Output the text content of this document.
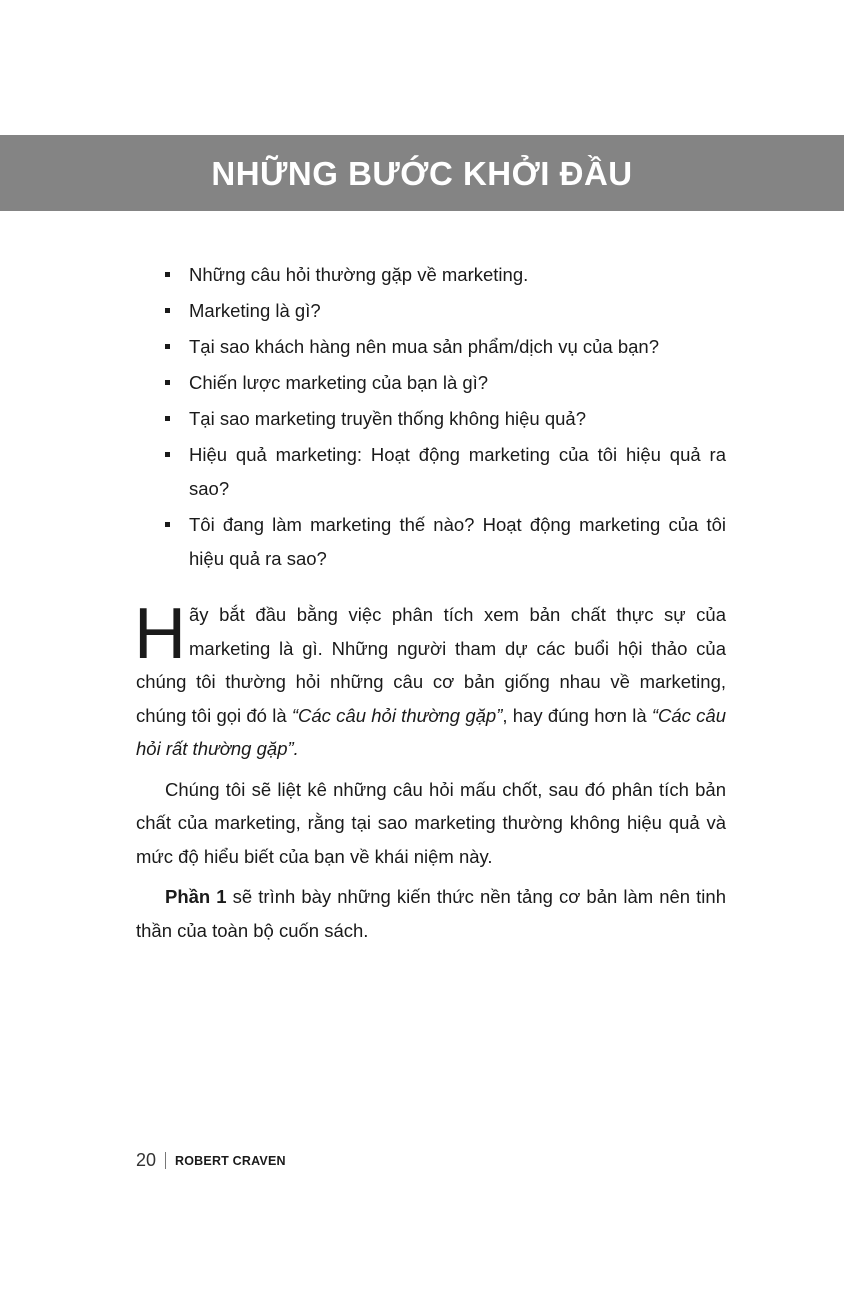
NHỮNG BƯỚC KHỞI ĐẦU
Những câu hỏi thường gặp về marketing.
Marketing là gì?
Tại sao khách hàng nên mua sản phẩm/dịch vụ của bạn?
Chiến lược marketing của bạn là gì?
Tại sao marketing truyền thống không hiệu quả?
Hiệu quả marketing: Hoạt động marketing của tôi hiệu quả ra sao?
Tôi đang làm marketing thế nào? Hoạt động marketing của tôi hiệu quả ra sao?

Hãy bắt đầu bằng việc phân tích xem bản chất thực sự của marketing là gì. Những người tham dự các buổi hội thảo của chúng tôi thường hỏi những câu cơ bản giống nhau về marketing, chúng tôi gọi đó là “Các câu hỏi thường gặp”, hay đúng hơn là “Các câu hỏi rất thường gặp”.

Chúng tôi sẽ liệt kê những câu hỏi mấu chốt, sau đó phân tích bản chất của marketing, rằng tại sao marketing thường không hiệu quả và mức độ hiểu biết của bạn về khái niệm này.

Phần 1 sẽ trình bày những kiến thức nền tảng cơ bản làm nên tinh thần của toàn bộ cuốn sách.

20 ROBERT CRAVEN
